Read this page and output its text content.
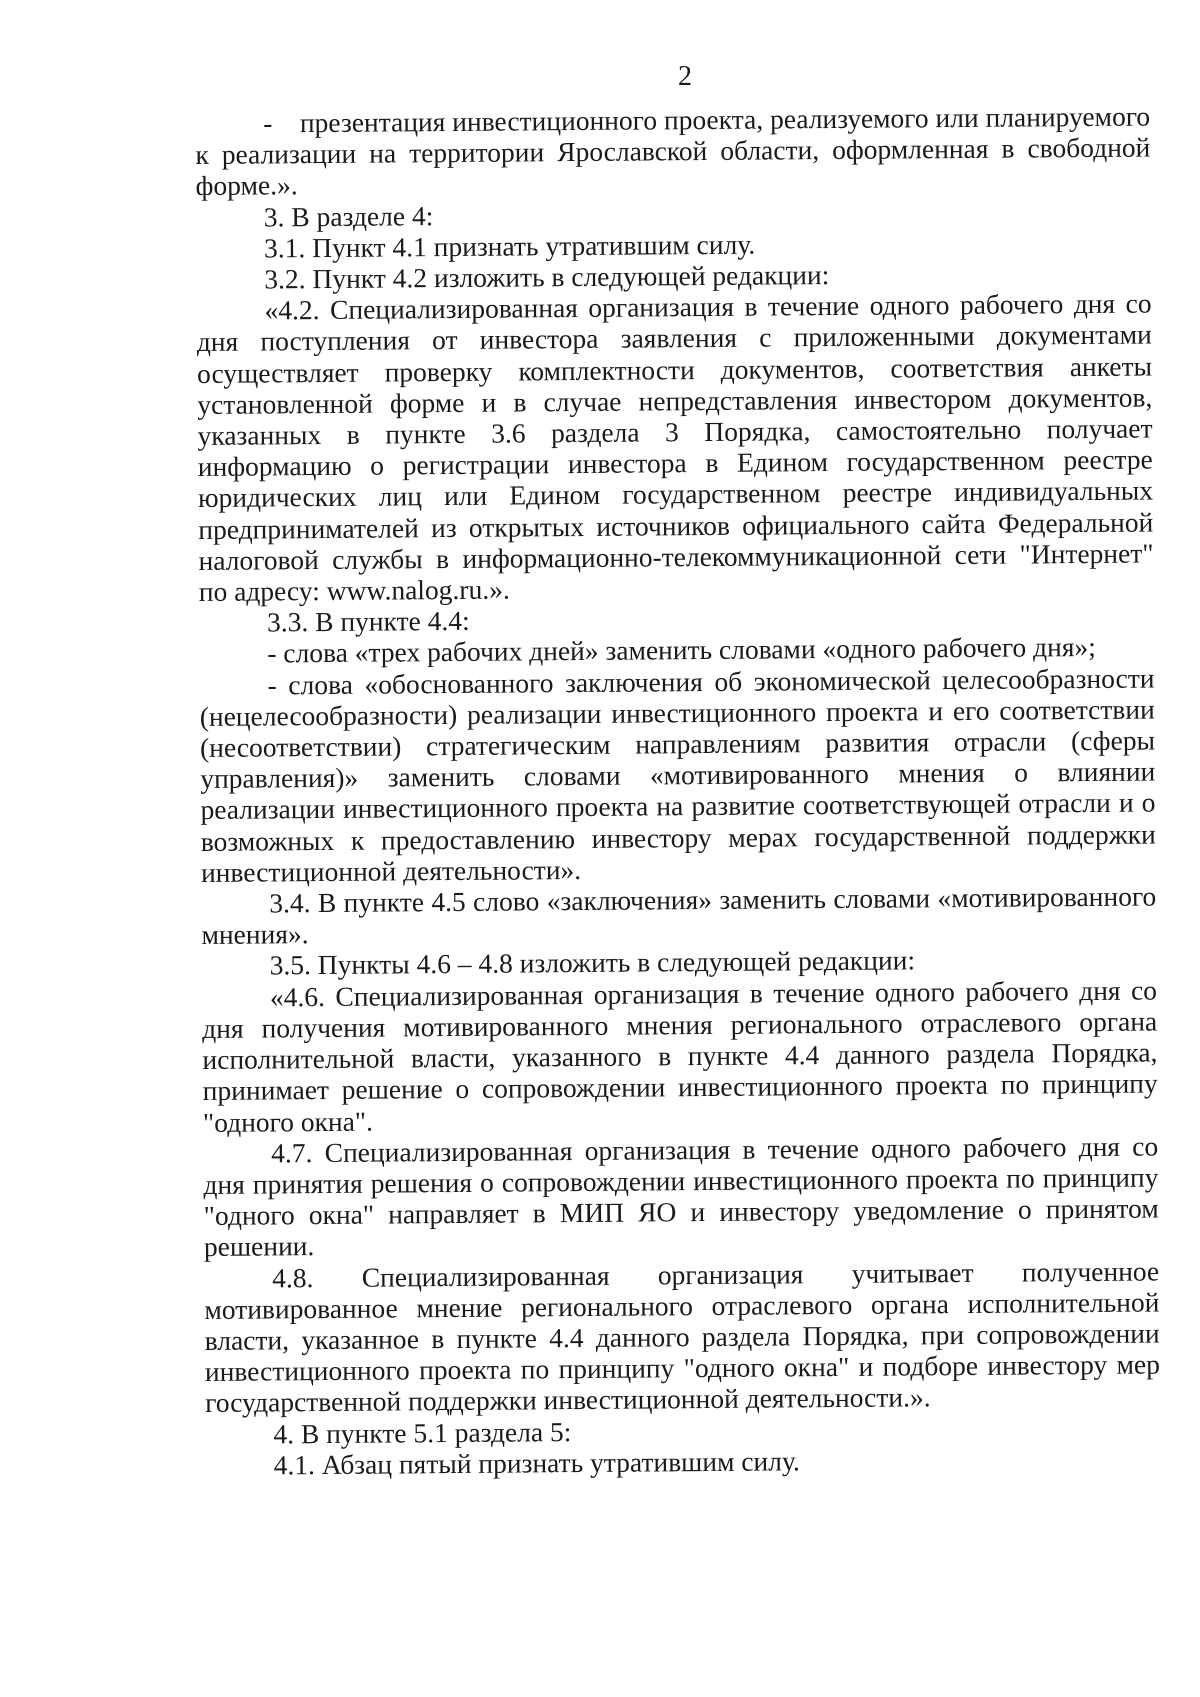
2

-    презентация инвестиционного проекта, реализуемого или планируемого к реализации на территории Ярославской области, оформленная в свободной форме.».

3. В разделе 4:

3.1. Пункт 4.1 признать утратившим силу.

3.2. Пункт 4.2 изложить в следующей редакции:

«4.2. Специализированная организация в течение одного рабочего дня со дня поступления от инвестора заявления с приложенными документами осуществляет проверку комплектности документов, соответствия анкеты установленной форме и в случае непредставления инвестором документов, указанных в пункте 3.6 раздела 3 Порядка, самостоятельно получает информацию о регистрации инвестора в Едином государственном реестре юридических лиц или Едином государственном реестре индивидуальных предпринимателей из открытых источников официального сайта Федеральной налоговой службы в информационно-телекоммуникационной сети "Интернет" по адресу: www.nalog.ru.».

3.3. В пункте 4.4:

- слова «трех рабочих дней» заменить словами «одного рабочего дня»;

- слова «обоснованного заключения об экономической целесообразности (нецелесообразности) реализации инвестиционного проекта и его соответствии (несоответствии) стратегическим направлениям развития отрасли (сферы управления)» заменить словами «мотивированного мнения о влиянии реализации инвестиционного проекта на развитие соответствующей отрасли и о возможных к предоставлению инвестору мерах государственной поддержки инвестиционной деятельности».

3.4. В пункте 4.5 слово «заключения» заменить словами «мотивированного мнения».

3.5. Пункты 4.6 – 4.8 изложить в следующей редакции:

«4.6. Специализированная организация в течение одного рабочего дня со дня получения мотивированного мнения регионального отраслевого органа исполнительной власти, указанного в пункте 4.4 данного раздела Порядка, принимает решение о сопровождении инвестиционного проекта по принципу "одного окна".

4.7. Специализированная организация в течение одного рабочего дня со дня принятия решения о сопровождении инвестиционного проекта по принципу "одного окна" направляет в МИП ЯО и инвестору уведомление о принятом решении.

4.8. Специализированная организация учитывает полученное мотивированное мнение регионального отраслевого органа исполнительной власти, указанное в пункте 4.4 данного раздела Порядка, при сопровождении инвестиционного проекта по принципу "одного окна" и подборе инвестору мер государственной поддержки инвестиционной деятельности.».

4. В пункте 5.1 раздела 5:

4.1. Абзац пятый признать утратившим силу.
